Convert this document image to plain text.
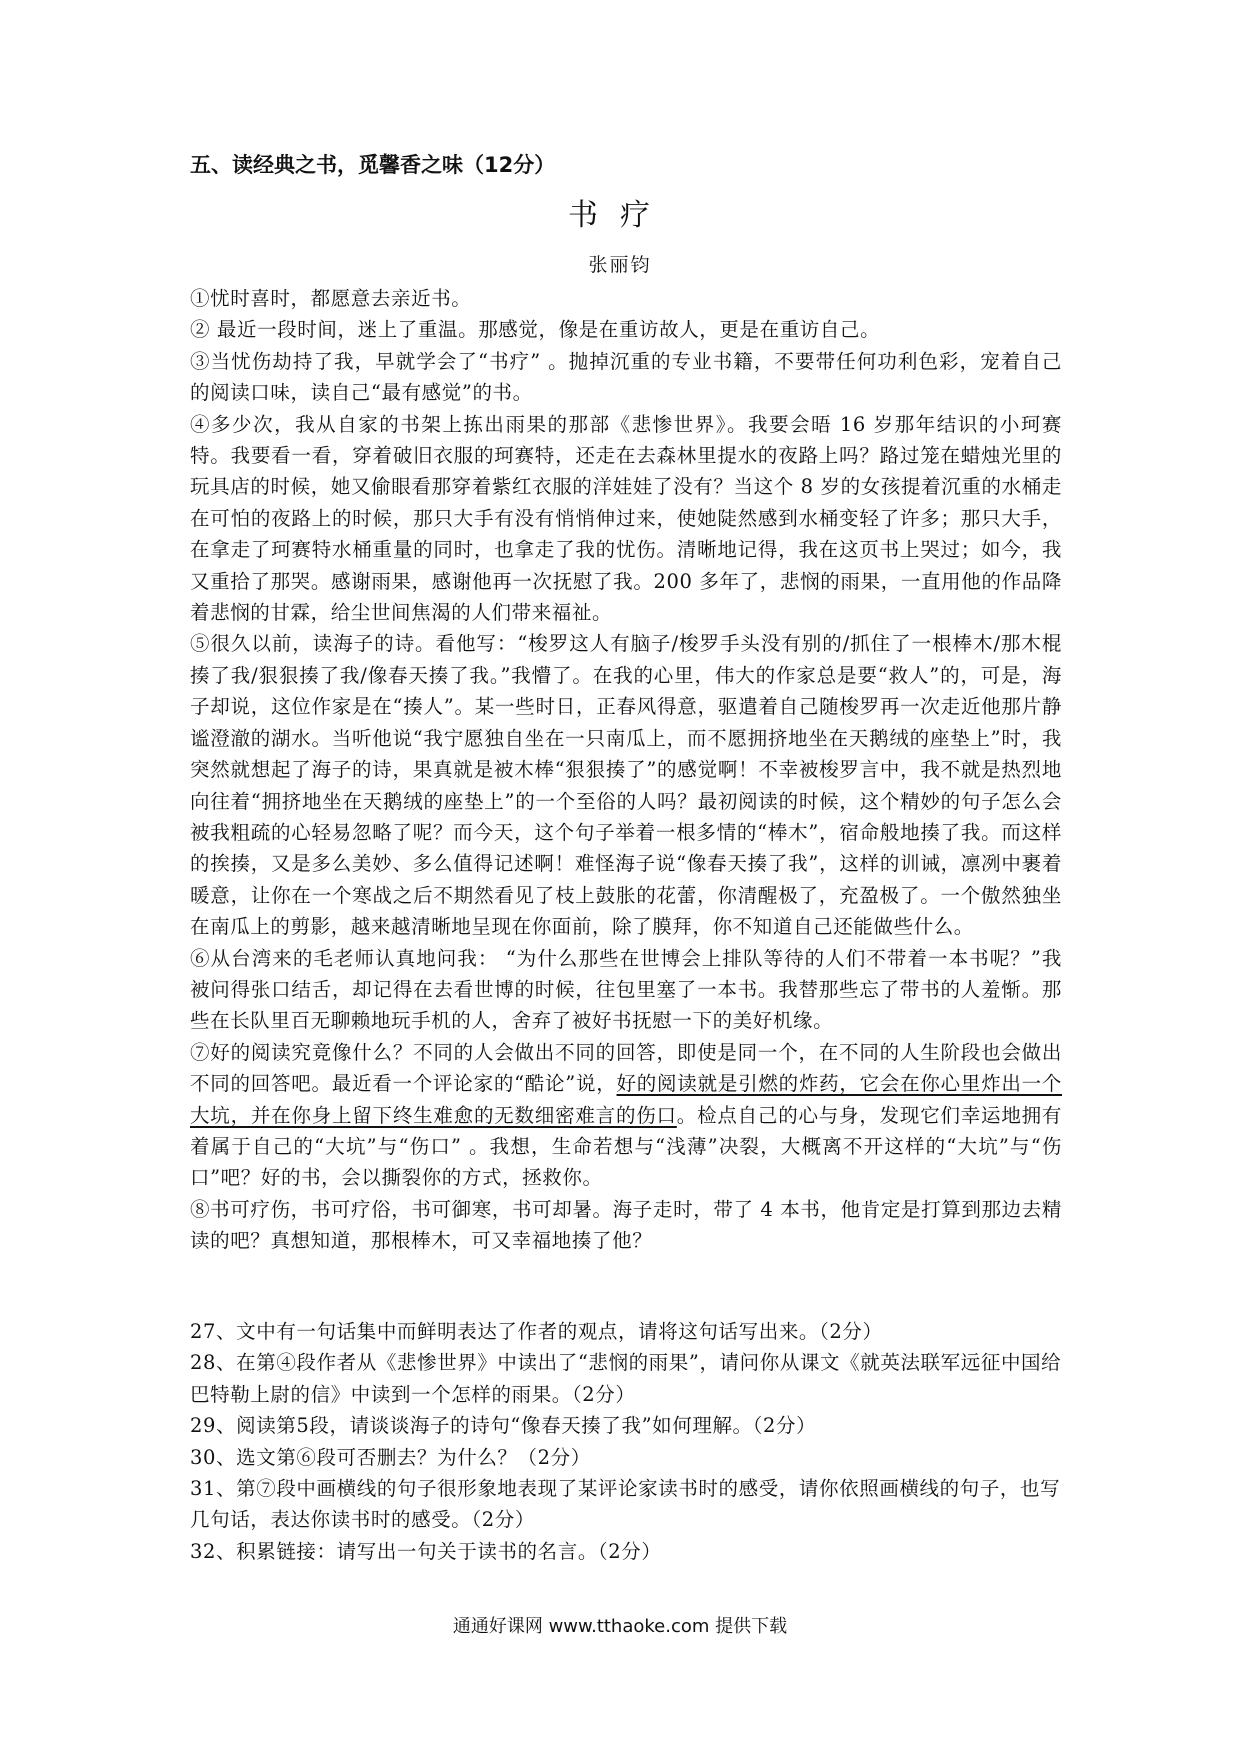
五、读经典之书，觅馨香之味（12分）
书疗
张丽钧

①忧时喜时，都愿意去亲近书。

② 最近一段时间，迷上了重温。那感觉，像是在重访故人，更是在重访自己。

③当忧伤劫持了我，早就学会了“书疗” 。抛掉沉重的专业书籍，不要带任何功利色彩，宠着自己的阅读口味，读自己“最有感觉”的书。

④多少次，我从自家的书架上拣出雨果的那部《悲惨世界》。我要会晤 16 岁那年结识的小珂赛特。我要看一看，穿着破旧衣服的珂赛特，还走在去森林里提水的夜路上吗？路过笼在蜡烛光里的玩具店的时候，她又偷眼看那穿着紫红衣服的洋娃娃了没有？当这个 8 岁的女孩提着沉重的水桶走在可怕的夜路上的时候，那只大手有没有悄悄伸过来，使她陡然感到水桶变轻了许多；那只大手，在拿走了珂赛特水桶重量的同时，也拿走了我的忧伤。清晰地记得，我在这页书上哭过；如今，我又重拾了那哭。感谢雨果，感谢他再一次抚慰了我。200 多年了，悲悯的雨果，一直用他的作品降着悲悯的甘霖，给尘世间焦渴的人们带来福祉。

⑤很久以前，读海子的诗。看他写：“梭罗这人有脑子/梭罗手头没有别的/抓住了一根棒木/那木棍揍了我/狠狠揍了我/像春天揍了我。”我懵了。在我的心里，伟大的作家总是要“救人”的，可是，海子却说，这位作家是在“揍人”。某一些时日，正春风得意，驱遣着自己随梭罗再一次走近他那片静谧澄澈的湖水。当听他说“我宁愿独自坐在一只南瓜上，而不愿拥挤地坐在天鹅绒的座垫上”时，我突然就想起了海子的诗，果真就是被木棒“狠狠揍了”的感觉啊！不幸被梭罗言中，我不就是热烈地向往着“拥挤地坐在天鹅绒的座垫上”的一个至俗的人吗？最初阅读的时候，这个精妙的句子怎么会被我粗疏的心轻易忽略了呢？而今天，这个句子举着一根多情的“棒木”，宿命般地揍了我。而这样的挨揍，又是多么美妙、多么值得记述啊！难怪海子说“像春天揍了我”，这样的训诫，凛冽中裹着暖意，让你在一个寒战之后不期然看见了枝上鼓胀的花蕾，你清醒极了，充盈极了。一个傲然独坐在南瓜上的剪影，越来越清晰地呈现在你面前，除了膜拜，你不知道自己还能做些什么。

⑥从台湾来的毛老师认真地问我： “为什么那些在世博会上排队等待的人们不带着一本书呢？”我被问得张口结舌，却记得在去看世博的时候，往包里塞了一本书。我替那些忘了带书的人羞惭。那些在长队里百无聊赖地玩手机的人，舍弃了被好书抚慰一下的美好机缘。

⑦好的阅读究竟像什么？不同的人会做出不同的回答，即使是同一个，在不同的人生阶段也会做出不同的回答吧。最近看一个评论家的“酷论”说，好的阅读就是引燃的炸药，它会在你心里炸出一个大坑，并在你身上留下终生难愈的无数细密难言的伤口。检点自己的心与身，发现它们幸运地拥有着属于自己的“大坑”与“伤口” 。我想，生命若想与“浅薄”决裂，大概离不开这样的“大坑”与“伤口”吧？好的书，会以撕裂你的方式，拯救你。

⑧书可疗伤，书可疗俗，书可御寒，书可却暑。海子走时，带了 4 本书，他肯定是打算到那边去精读的吧？真想知道，那根棒木，可又幸福地揍了他？

27、文中有一句话集中而鲜明表达了作者的观点，请将这句话写出来。（2分）

28、在第④段作者从《悲惨世界》中读出了“悲悯的雨果”，请问你从课文《就英法联军远征中国给巴特勒上尉的信》中读到一个怎样的雨果。（2分）

29、阅读第5段，请谈谈海子的诗句“像春天揍了我”如何理解。（2分）

30、选文第⑥段可否删去？为什么？（2分）

31、第⑦段中画横线的句子很形象地表现了某评论家读书时的感受，请你依照画横线的句子，也写几句话，表达你读书时的感受。（2分）

32、积累链接：请写出一句关于读书的名言。（2分）

通通好课网 www.tthaoke.com 提供下载
